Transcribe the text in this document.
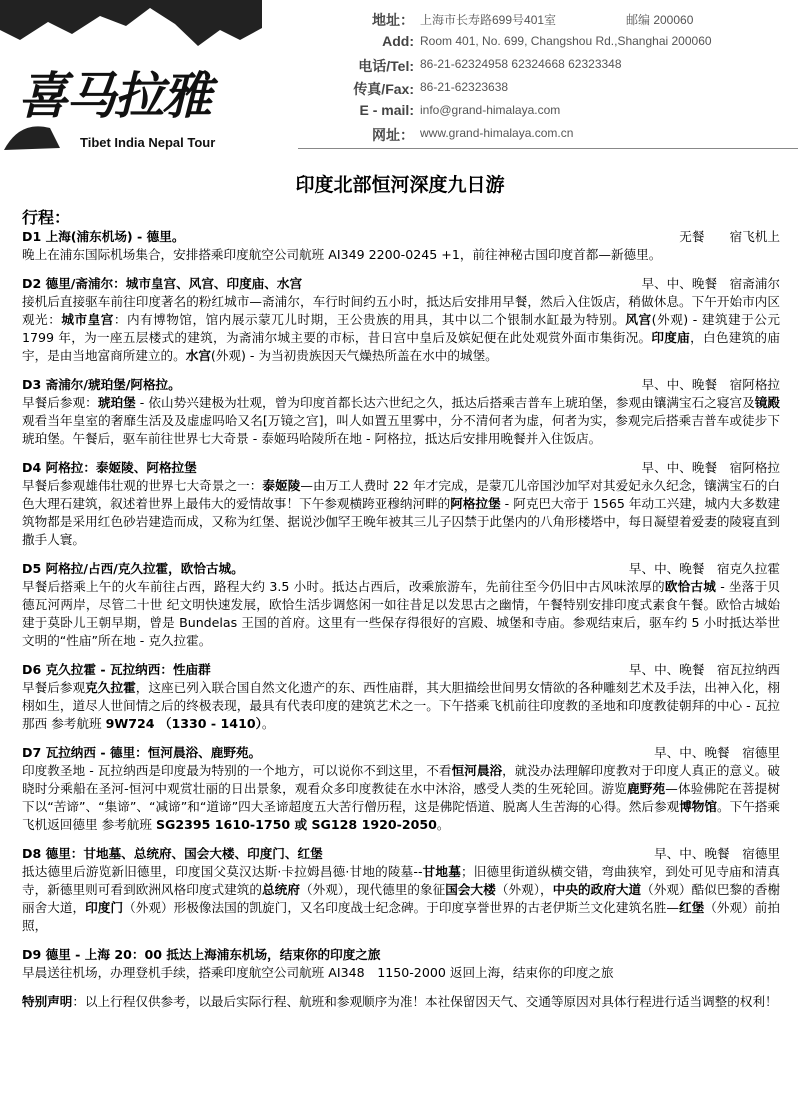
喜马拉雅
Tibet India Nepal Tour
地址： 上海市长寿路699号401室	邮编 200060
Add: Room 401, No. 699, Changshou Rd.,Shanghai 200060
电话/Tel: 86-21-62324958 62324668 62323348
传真/Fax: 86-21-62323638
E - mail: info@grand-himalaya.com
网址： www.grand-himalaya.com.cn
印度北部恒河深度九日游
行程：
D1 上海(浦东机场) - 德里。	无餐　　宿飞机上
晚上在浦东国际机场集合，安排搭乘印度航空公司航班 AI349 2200-0245 +1，前往神秘古国印度首都—新德里。
D2 德里/斋浦尔：城市皇宫、风宫、印度庙、水宫	早、中、晚餐　宿斋浦尔
接机后直接驱车前往印度著名的粉红城市—斋浦尔，车行时间约五小时，抵达后安排用早餐，然后入住饭店，稍做休息。下午开始市内区观光：城市皇宫：内有博物馆，馆内展示蒙兀儿时期，王公贵族的用具，其中以二个银制水缸最为特别。风宫(外观) - 建筑建于公元 1799 年，为一座五层楼式的建筑，为斋浦尔城主要的市标，昔日宫中皇后及嫔妃便在此处观赏外面市集街况。印度庙，白色建筑的庙宇，是由当地富商所建立的。水宫(外观) - 为当初贵族因天气燥热所盖在水中的城堡。
D3 斋浦尔/琥珀堡/阿格拉。	早、中、晚餐　宿阿格拉
早餐后参观：琥珀堡 - 依山势兴建极为壮观，曾为印度首都长达六世纪之久，抵达后搭乘吉普车上琥珀堡，参观由镶满宝石之寝宫及镜殿观看当年皇室的奢靡生活及及虚虚吗哈又名[万镜之宫]，叫人如置五里雾中，分不清何者为虚，何者为实，参观完后搭乘吉普车或徒步下琥珀堡。午餐后，驱车前往世界七大奇景 - 泰姬玛哈陵所在地 - 阿格拉，抵达后安排用晚餐并入住饭店。
D4 阿格拉：泰姬陵、阿格拉堡	早、中、晚餐　宿阿格拉
早餐后参观雄伟壮观的世界七大奇景之一：泰姬陵—由万工人费时 22 年才完成，是蒙兀儿帝国沙加罕对其爱妃永久纪念，镶满宝石的白色大理石建筑，叙述着世界上最伟大的爱情故事！下午参观横跨亚穆纳河畔的阿格拉堡 - 阿克巴大帝于 1565 年动工兴建，城内大多数建筑物都是采用红色砂岩建造而成，又称为红堡、据说沙伽罕王晚年被其三儿子囚禁于此堡内的八角形楼塔中，每日凝望着爱妻的陵寝直到撒手人寰。
D5 阿格拉/占西/克久拉霍，欧恰古城。	早、中、晚餐　宿克久拉霍
早餐后搭乘上午的火车前往占西，路程大约 3.5 小时。抵达占西后，改乘旅游车，先前往至今仍旧中古风味浓厚的欧恰古城 - 坐落于贝德瓦河两岸，尽管二十世 纪文明快速发展，欧恰生活步调悠闲一如往昔足以发思古之幽情，午餐特别安排印度式素食午餐。欧恰古城始建于莫卧儿王朝早期，曾是 Bundelas 王国的首府。这里有一些保存得很好的宫殿、城堡和寺庙。参观结束后，驱车约 5 小时抵达举世文明的“性庙”所在地 - 克久拉霍。
D6 克久拉霍 - 瓦拉纳西：性庙群	早、中、晚餐　宿瓦拉纳西
早餐后参观克久拉霍，这座已列入联合国自然文化遗产的东、西性庙群，其大胆描绘世间男女情欲的各种雕刻艺术及手法，出神入化，栩栩如生，道尽人世间情之后的终极表现，最具有代表印度的建筑艺术之一。下午搭乘飞机前往印度教的圣地和印度教徒朝拜的中心 - 瓦拉那西 参考航班 9W724 （1330 - 1410）。
D7 瓦拉纳西 - 德里：恒河晨浴、鹿野苑。	早、中、晚餐　宿德里
印度教圣地 - 瓦拉纳西是印度最为特别的一个地方，可以说你不到这里，不看恒河晨浴，就没办法理解印度教对于印度人真正的意义。破晓时分乘船在圣河-恒河中观赏壮丽的日出景象，观看众多印度教徒在水中沐浴，感受人类的生死轮回。游览鹿野苑—体验佛陀在菩提树下以“苦谛”、“集谛”、“减谛”和“道谛”四大圣谛超度五大苦行僧历程，这是佛陀悟道、脱离人生苦海的心得。然后参观博物馆。下午搭乘飞机返回德里 参考航班 SG2395 1610-1750 或 SG128 1920-2050。
D8 德里：甘地墓、总统府、国会大楼、印度门、红堡	早、中、晚餐　宿德里
抵达德里后游览新旧德里，印度国父莫汉达斯·卡拉姆昌德·甘地的陵墓--甘地墓；旧德里街道纵横交错，弯曲狭窄，到处可见寺庙和清真寺，新德里则可看到欧洲风格印度式建筑的总统府（外观），现代德里的象征国会大楼（外观），中央的政府大道（外观）酷似巴黎的香榭丽舍大道，印度门（外观）形极像法国的凯旋门，又名印度战士纪念碑。于印度享誉世界的古老伊斯兰文化建筑名胜—红堡（外观）前拍照，
D9 德里 - 上海 20：00 抵达上海浦东机场，结束你的印度之旅
早晨送往机场，办理登机手续，搭乘印度航空公司航班 AI348　1150-2000 返回上海，结束你的印度之旅
特别声明：以上行程仅供参考，以最后实际行程、航班和参观顺序为准！本社保留因天气、交通等原因对具体行程进行适当调整的权利！
